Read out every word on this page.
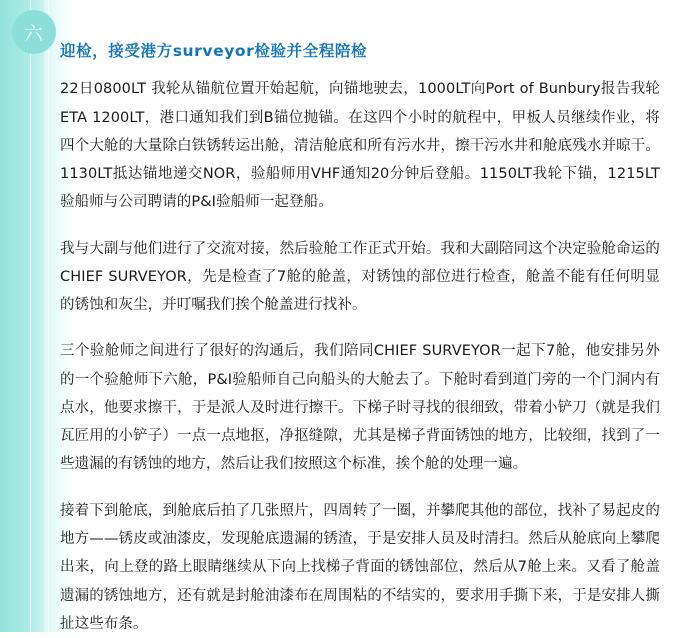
六
迎检，接受港方surveyor检验并全程陪检

22日0800LT 我轮从锚航位置开始起航，向锚地驶去，1000LT向Port of Bunbury报告我轮ETA 1200LT，港口通知我们到B锚位抛锚。在这四个小时的航程中，甲板人员继续作业，将四个大舱的大量除白铁锈转运出舱，清洁舱底和所有污水井，擦干污水井和舱底残水并晾干。1130LT抵达锚地递交NOR，验船师用VHF通知20分钟后登船。1150LT我轮下锚，1215LT验船师与公司聘请的P&I验船师一起登船。

我与大副与他们进行了交流对接，然后验舱工作正式开始。我和大副陪同这个决定验舱命运的CHIEF SURVEYOR，先是检查了7舱的舱盖，对锈蚀的部位进行检查，舱盖不能有任何明显的锈蚀和灰尘，并叮嘱我们挨个舱盖进行找补。

三个验舱师之间进行了很好的沟通后，我们陪同CHIEF SURVEYOR一起下7舱，他安排另外的一个验舱师下六舱，P&I验船师自己向船头的大舱去了。下舱时看到道门旁的一个门洞内有点水，他要求擦干，于是派人及时进行擦干。下梯子时寻找的很细致，带着小铲刀（就是我们瓦匠用的小铲子）一点一点地抠，净抠缝隙，尤其是梯子背面锈蚀的地方，比较细，找到了一些遗漏的有锈蚀的地方，然后让我们按照这个标准，挨个舱的处理一遍。

接着下到舱底，到舱底后拍了几张照片，四周转了一圈，并攀爬其他的部位，找补了易起皮的地方——锈皮或油漆皮，发现舱底遗漏的锈渣，于是安排人员及时清扫。然后从舱底向上攀爬出来，向上登的路上眼睛继续从下向上找梯子背面的锈蚀部位，然后从7舱上来。又看了舱盖遗漏的锈蚀地方，还有就是封舱油漆布在周围粘的不结实的，要求用手撕下来，于是安排人撕扯这些布条。
